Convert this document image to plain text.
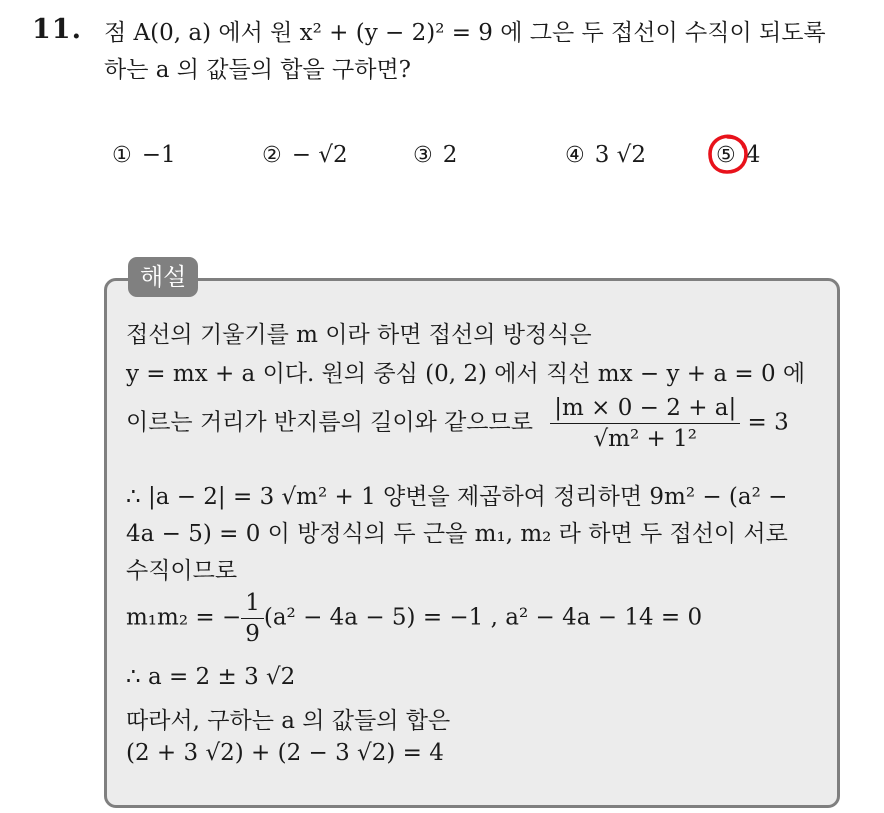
11. 점 A(0, a) 에서 원 x² + (y − 2)² = 9 에 그은 두 접선이 수직이 되도록
하는 a 의 값들의 합을 구하면?
① −1	② − √2	③ 2	④ 3 √2	⑤ 4
해설
접선의 기울기를 m 이라 하면 접선의 방정식은
y = mx + a 이다. 원의 중심 (0, 2) 에서 직선 mx − y + a = 0 에
이르는 거리가 반지름의 길이와 같으므로 $\frac{|m \times 0 - 2 + a|}{\text{√m² + 1²}} = 3$
∴ |a − 2| = 3 √m² + 1 양변을 제곱하여 정리하면 9m² − (a² −
4a − 5) = 0 이 방정식의 두 근을 m₁, m₂ 라 하면 두 접선이 서로
수직이므로
m₁m₂ = − $\frac{1}{9} (a^2 - 4a - 5) = -1$ , a² − 4a − 14 = 0
∴ a = 2 ± 3 √2
따라서, 구하는 a 의 값들의 합은
(2 + 3 √2) + (2 − 3 √2) = 4
